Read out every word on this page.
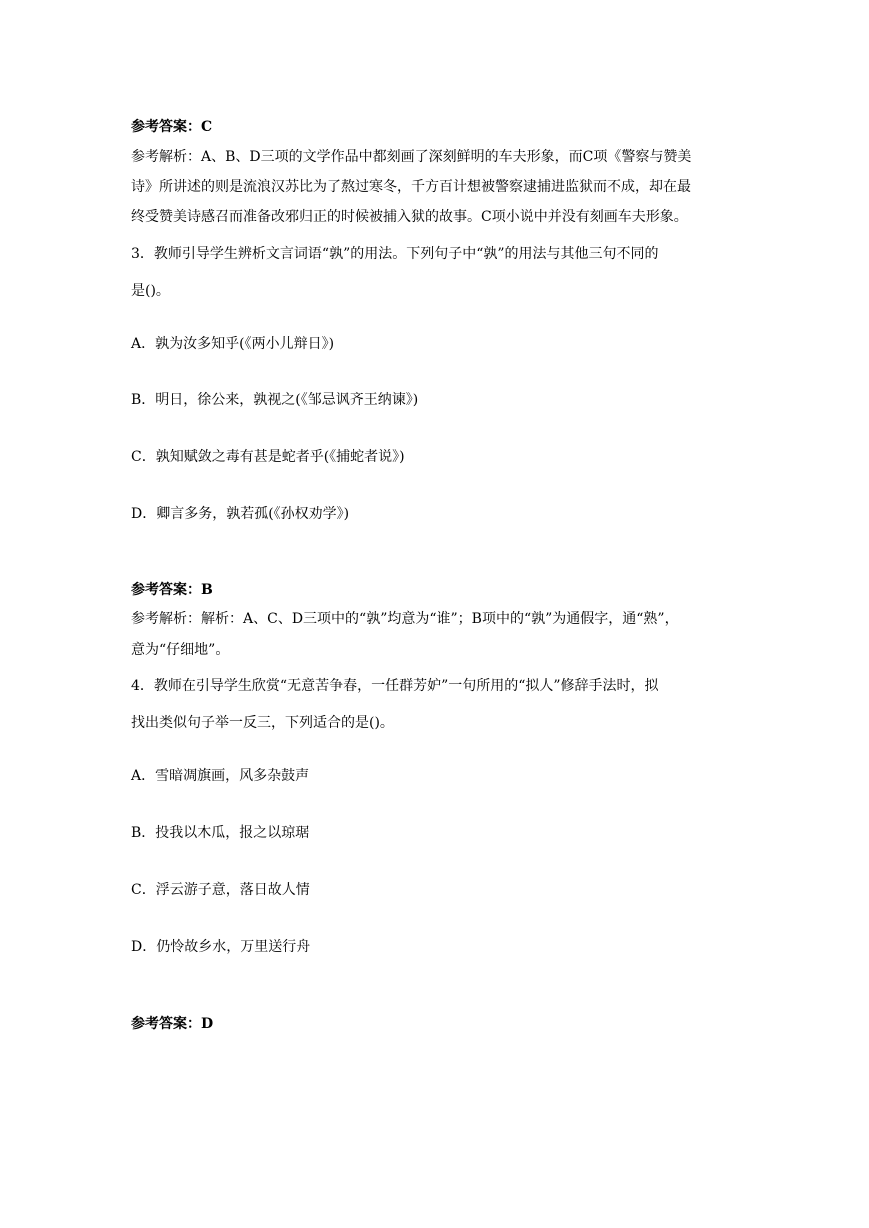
参考答案：C
参考解析：A、B、D三项的文学作品中都刻画了深刻鲜明的车夫形象，而C项《警察与赞美
诗》所讲述的则是流浪汉苏比为了熬过寒冬，千方百计想被警察逮捕进监狱而不成，却在最
终受赞美诗感召而准备改邪归正的时候被捕入狱的故事。C项小说中并没有刻画车夫形象。
3．教师引导学生辨析文言词语“孰”的用法。下列句子中“孰”的用法与其他三句不同的
是()。
A．孰为汝多知乎(《两小儿辩日》)
B．明日，徐公来，孰视之(《邹忌讽齐王纳谏》)
C．孰知赋敛之毒有甚是蛇者乎(《捕蛇者说》)
D．卿言多务，孰若孤(《孙权劝学》)
参考答案：B
参考解析：解析：A、C、D三项中的“孰”均意为“谁”；B项中的“孰”为通假字，通“熟”，
意为“仔细地”。
4．教师在引导学生欣赏“无意苦争春，一任群芳妒”一句所用的“拟人”修辞手法时，拟
找出类似句子举一反三，下列适合的是()。
A．雪暗凋旗画，风多杂鼓声
B．投我以木瓜，报之以琼琚
C．浮云游子意，落日故人情
D．仍怜故乡水，万里送行舟
参考答案：D
